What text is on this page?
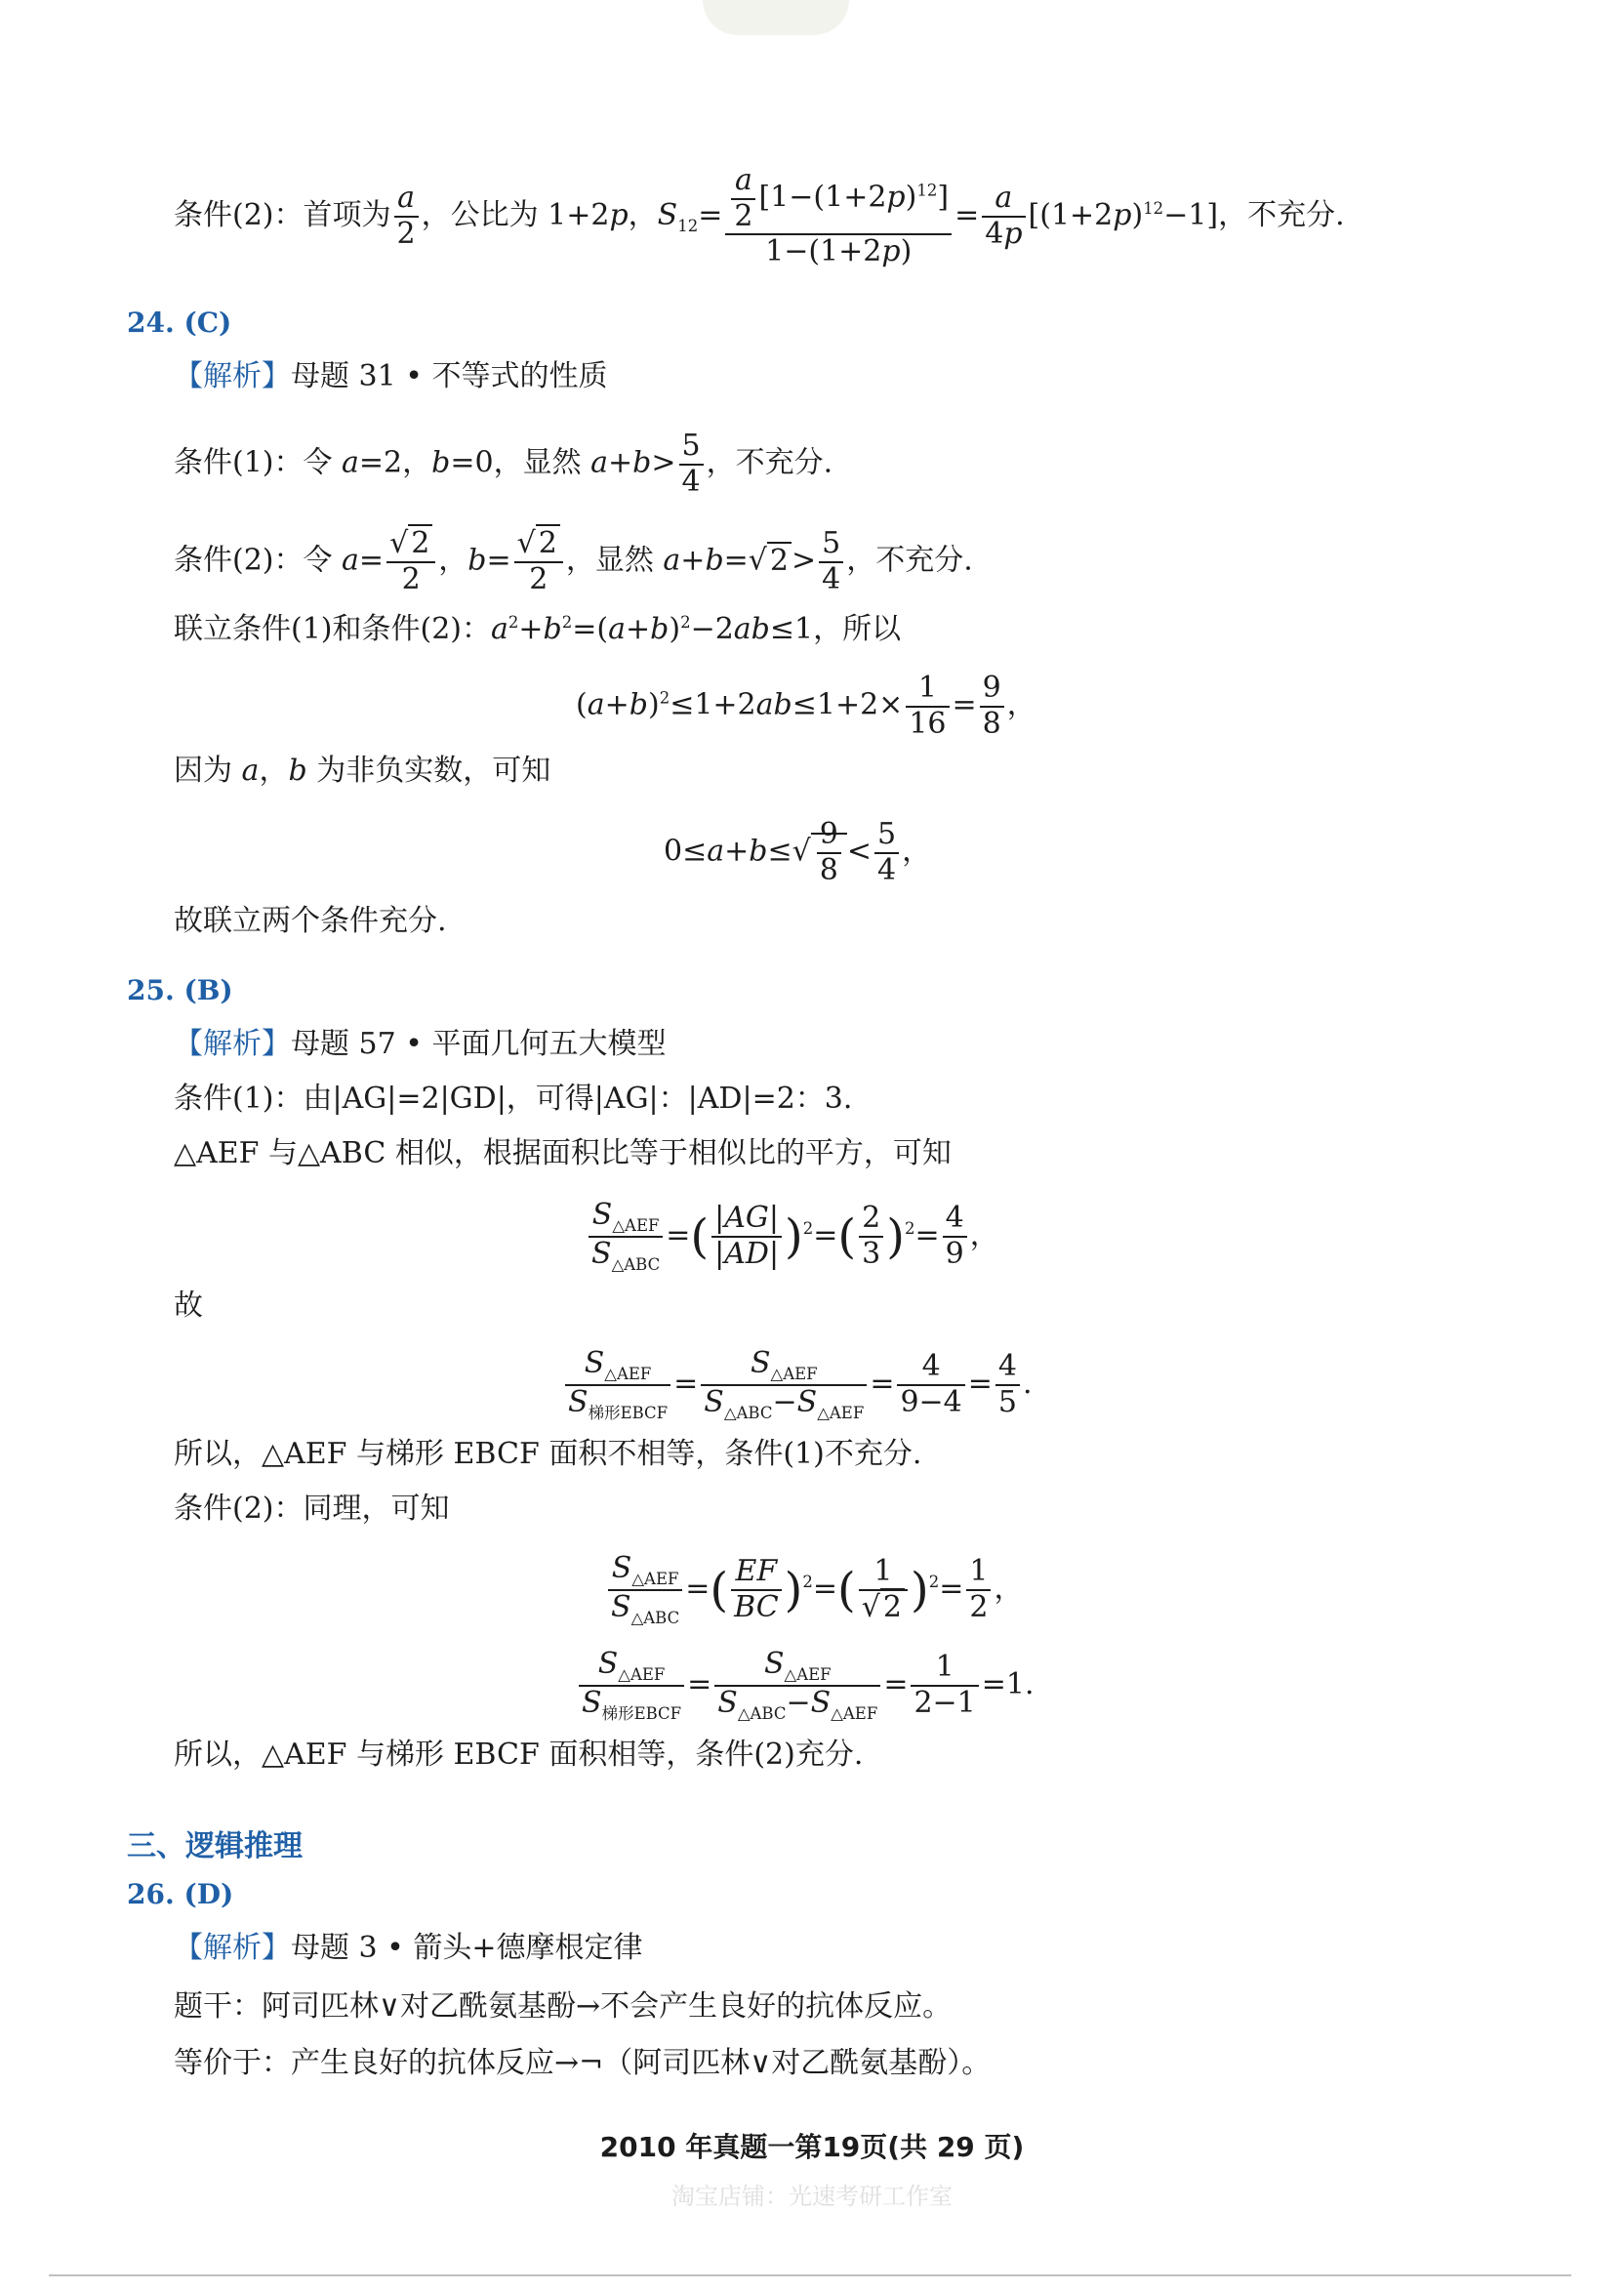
条件(2)：首项为 $\frac{a}{2}$ ，公比为 1+2p，$S_{12}= \frac{\frac{a}{2} [1-(1+2p)^{12}]}{1-(1+2p)} = \frac{a}{4p} [(1+2p)^{12}-1]$，不充分.
24. (C)
【解析】母题 31 • 不等式的性质
条件(1)：令 a=2，b=0，显然 $a+b> \frac{5}{4}$ ，不充分.
条件(2)：令 $a= \frac{√ 2}{2}$ ，$b= \frac{√ 2}{2}$ ，显然 a+b=√ $2 > \frac{5}{4}$ ，不充分.
联立条件(1)和条件(2)：$a^2+b^2=(a+b)^2-2ab\le 1$，所以
$(a+b)^2\le 1+2ab\le 1+2\times \frac{1}{16} = \frac{9}{8}$ ，
因为 a，b 为非负实数，可知
$0\le a+b\le√ \frac{9}{8} < \frac{5}{4}$ ，
故联立两个条件充分.
25. (B)
【解析】母题 57 • 平面几何五大模型
条件(1)：由|AG|=2|GD|，可得|AG|：|AD|=2：3.
△AEF 与△ABC 相似，根据面积比等于相似比的平方，可知
$\frac{S_{\triangle AEF}}{S_{\triangle ABC}}$ =( $\frac{|AG|}{|AD|} )^2=( \frac{2}{3} )^2= \frac{4}{9}$ ，
故
$\frac{S_{\triangle AEF}}{S_{梯形EBCF}} = \frac{S_{\triangle AEF}}{S_{\triangle ABC}-S_{\triangle AEF}} = \frac{4}{9-4} = \frac{4}{5}$ .
所以，△AEF 与梯形 EBCF 面积不相等，条件(1)不充分.
条件(2)：同理，可知
$\frac{S_{\triangle AEF}}{S_{\triangle ABC}}$ =( $\frac{EF}{BC} )^2=( \frac{1}{√ 2} )^2= \frac{1}{2}$ ，
$\frac{S_{\triangle AEF}}{S_{梯形EBCF}} = \frac{S_{\triangle AEF}}{S_{\triangle ABC}-S_{\triangle AEF}} = \frac{1}{2-1} =1$.
所以，△AEF 与梯形 EBCF 面积相等，条件(2)充分.
三、逻辑推理
26. (D)
【解析】母题 3 • 箭头+德摩根定律
题干：阿司匹林∨对乙酰氨基酚→不会产生良好的抗体反应。
等价于：产生良好的抗体反应→¬（阿司匹林∨对乙酰氨基酚）。
2010 年真题一第19页(共 29 页)
淘宝店铺：光速考研工作室
